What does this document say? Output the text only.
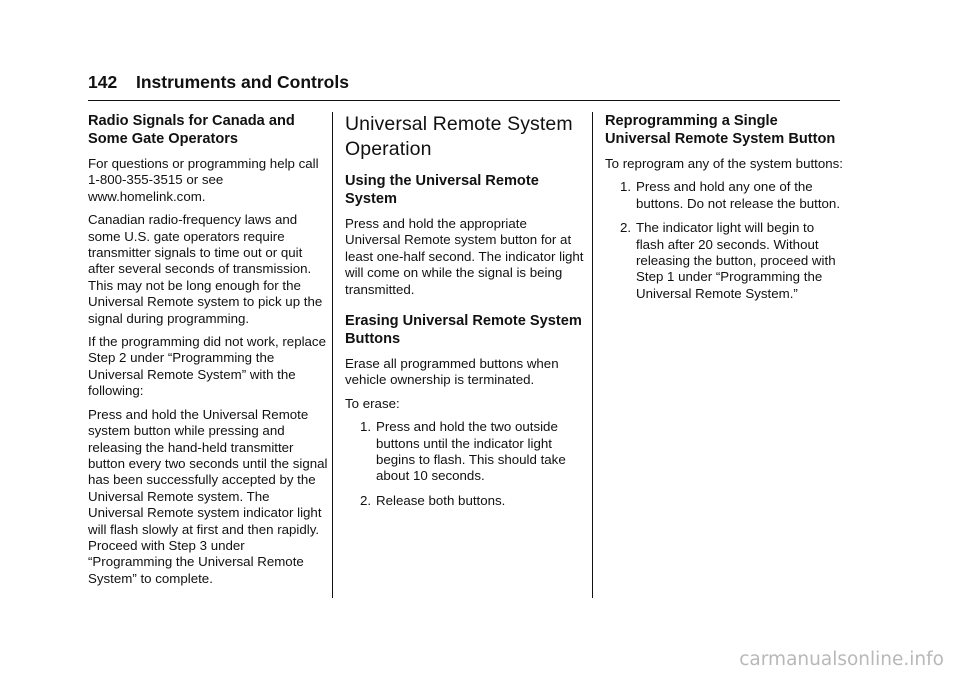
142 Instruments and Controls
Radio Signals for Canada and Some Gate Operators

For questions or programming help call 1-800-355-3515 or see www.homelink.com.

Canadian radio-frequency laws and some U.S. gate operators require transmitter signals to time out or quit after several seconds of transmission. This may not be long enough for the Universal Remote system to pick up the signal during programming.

If the programming did not work, replace Step 2 under “Programming the Universal Remote System” with the following:

Press and hold the Universal Remote system button while pressing and releasing the hand-held transmitter button every two seconds until the signal has been successfully accepted by the Universal Remote system. The Universal Remote system indicator light will flash slowly at first and then rapidly. Proceed with Step 3 under “Programming the Universal Remote System” to complete.

Universal Remote System Operation
Using the Universal Remote System

Press and hold the appropriate Universal Remote system button for at least one-half second. The indicator light will come on while the signal is being transmitted.

Erasing Universal Remote System Buttons

Erase all programmed buttons when vehicle ownership is terminated.

To erase:

1. Press and hold the two outside buttons until the indicator light begins to flash. This should take about 10 seconds.
2. Release both buttons.
Reprogramming a Single Universal Remote System Button

To reprogram any of the system buttons:

1. Press and hold any one of the buttons. Do not release the button.
2. The indicator light will begin to flash after 20 seconds. Without releasing the button, proceed with Step 1 under “Programming the Universal Remote System.”
carmanualsonline.info
